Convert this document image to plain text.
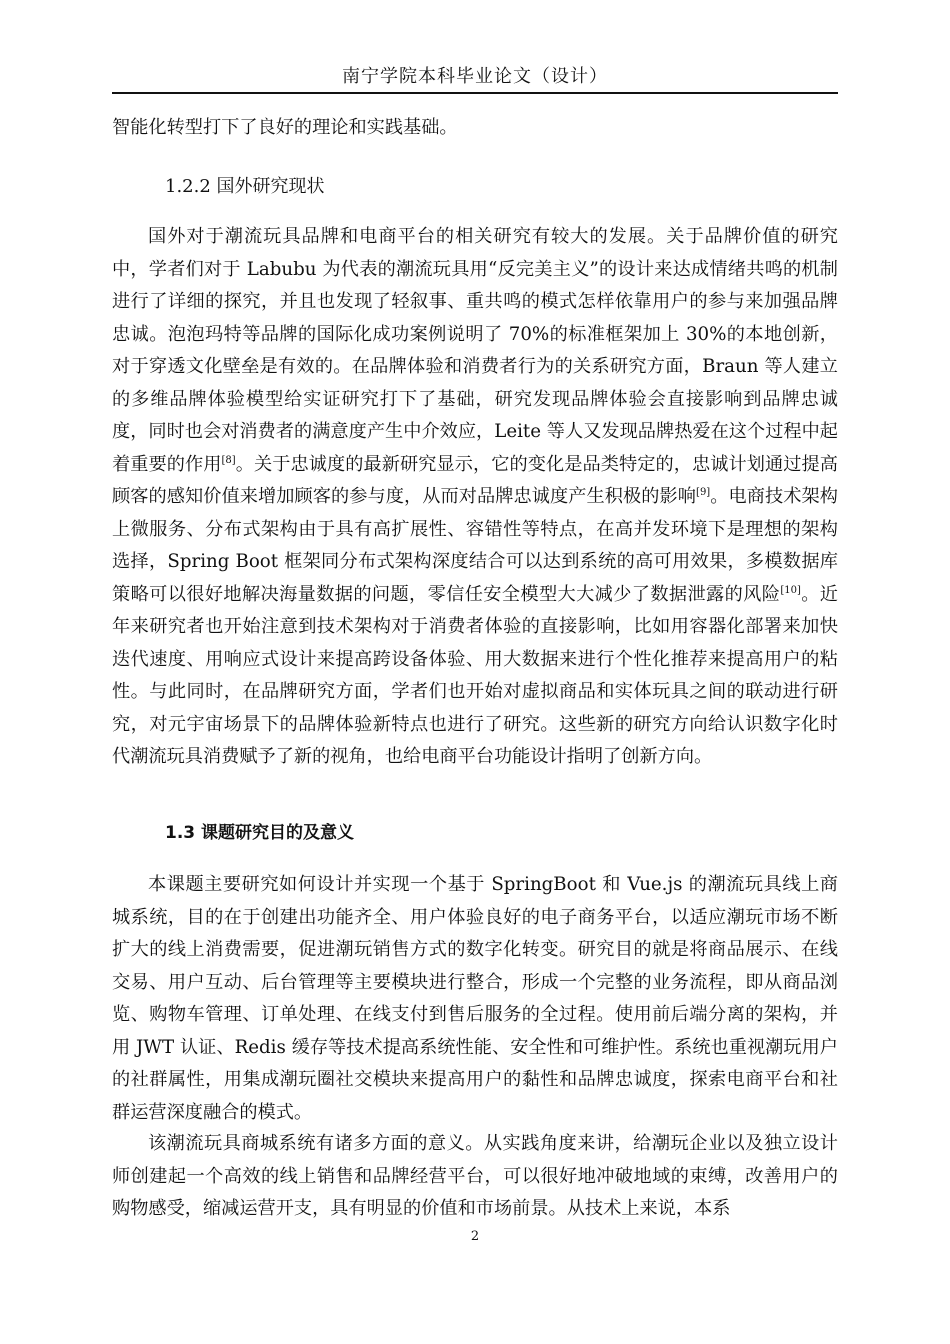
南宁学院本科毕业论文（设计）

智能化转型打下了良好的理论和实践基础。

1.2.2 国外研究现状

国外对于潮流玩具品牌和电商平台的相关研究有较大的发展。关于品牌价值的研究中，学者们对于 Labubu 为代表的潮流玩具用“反完美主义”的设计来达成情绪共鸣的机制进行了详细的探究，并且也发现了轻叙事、重共鸣的模式怎样依靠用户的参与来加强品牌忠诚。泡泡玛特等品牌的国际化成功案例说明了 70%的标准框架加上 30%的本地创新，对于穿透文化壁垒是有效的。在品牌体验和消费者行为的关系研究方面，Braun 等人建立的多维品牌体验模型给实证研究打下了基础，研究发现品牌体验会直接影响到品牌忠诚度，同时也会对消费者的满意度产生中介效应，Leite 等人又发现品牌热爱在这个过程中起着重要的作用[8]。关于忠诚度的最新研究显示，它的变化是品类特定的，忠诚计划通过提高顾客的感知价值来增加顾客的参与度，从而对品牌忠诚度产生积极的影响[9]。电商技术架构上微服务、分布式架构由于具有高扩展性、容错性等特点，在高并发环境下是理想的架构选择，Spring Boot 框架同分布式架构深度结合可以达到系统的高可用效果，多模数据库策略可以很好地解决海量数据的问题，零信任安全模型大大减少了数据泄露的风险[10]。近年来研究者也开始注意到技术架构对于消费者体验的直接影响，比如用容器化部署来加快迭代速度、用响应式设计来提高跨设备体验、用大数据来进行个性化推荐来提高用户的粘性。与此同时，在品牌研究方面，学者们也开始对虚拟商品和实体玩具之间的联动进行研究，对元宇宙场景下的品牌体验新特点也进行了研究。这些新的研究方向给认识数字化时代潮流玩具消费赋予了新的视角，也给电商平台功能设计指明了创新方向。

1.3 课题研究目的及意义

本课题主要研究如何设计并实现一个基于 SpringBoot 和 Vue.js 的潮流玩具线上商城系统，目的在于创建出功能齐全、用户体验良好的电子商务平台，以适应潮玩市场不断扩大的线上消费需要，促进潮玩销售方式的数字化转变。研究目的就是将商品展示、在线交易、用户互动、后台管理等主要模块进行整合，形成一个完整的业务流程，即从商品浏览、购物车管理、订单处理、在线支付到售后服务的全过程。使用前后端分离的架构，并用 JWT 认证、Redis 缓存等技术提高系统性能、安全性和可维护性。系统也重视潮玩用户的社群属性，用集成潮玩圈社交模块来提高用户的黏性和品牌忠诚度，探索电商平台和社群运营深度融合的模式。

该潮流玩具商城系统有诸多方面的意义。从实践角度来讲，给潮玩企业以及独立设计师创建起一个高效的线上销售和品牌经营平台，可以很好地冲破地域的束缚，改善用户的购物感受，缩减运营开支，具有明显的价值和市场前景。从技术上来说，本系

2
